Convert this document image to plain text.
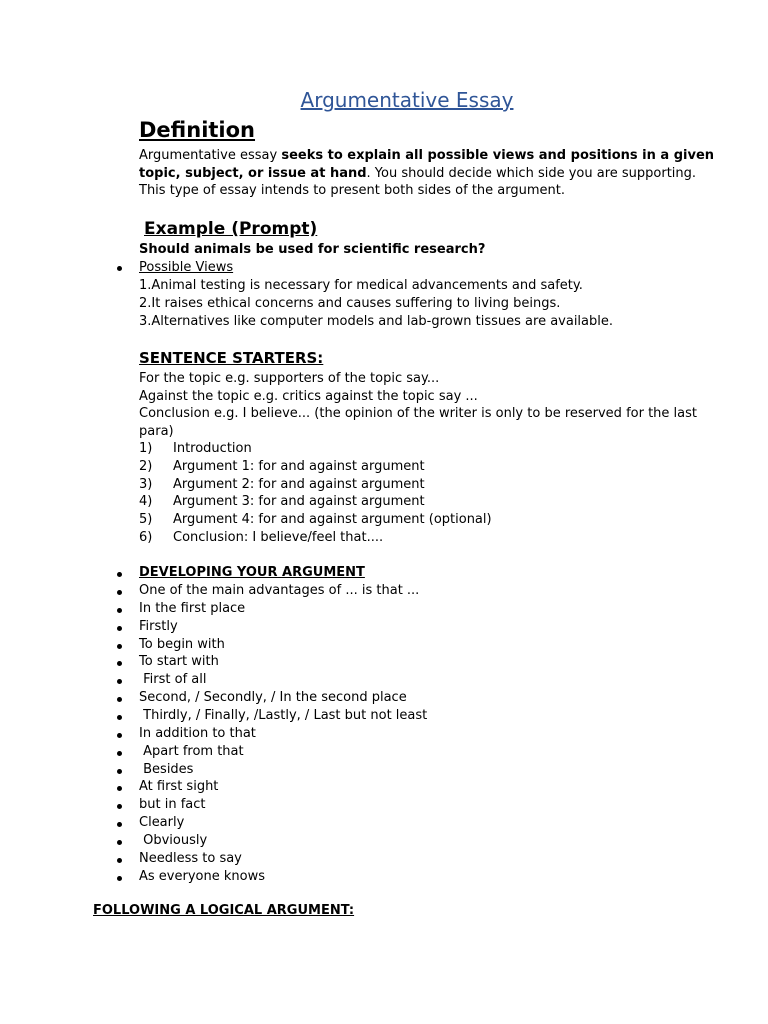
Argumentative Essay
Definition
Argumentative essay seeks to explain all possible views and positions in a given
topic, subject, or issue at hand. You should decide which side you are supporting.
This type of essay intends to present both sides of the argument.
Example (Prompt)
Should animals be used for scientific research?
Possible Views
1.Animal testing is necessary for medical advancements and safety.
2.It raises ethical concerns and causes suffering to living beings.
3.Alternatives like computer models and lab-grown tissues are available.
SENTENCE STARTERS:
For the topic e.g. supporters of the topic say...
Against the topic e.g. critics against the topic say ...
Conclusion e.g. I believe... (the opinion of the writer is only to be reserved for the last
para)
1) Introduction
2) Argument 1: for and against argument
3) Argument 2: for and against argument
4) Argument 3: for and against argument
5) Argument 4: for and against argument (optional)
6) Conclusion: I believe/feel that....
DEVELOPING YOUR ARGUMENT
One of the main advantages of ... is that ...
In the first place
Firstly
To begin with
To start with
First of all
Second, / Secondly, / In the second place
Thirdly, / Finally, /Lastly, / Last but not least
In addition to that
Apart from that
Besides
At first sight
but in fact
Clearly
Obviously
Needless to say
As everyone knows
FOLLOWING A LOGICAL ARGUMENT:
